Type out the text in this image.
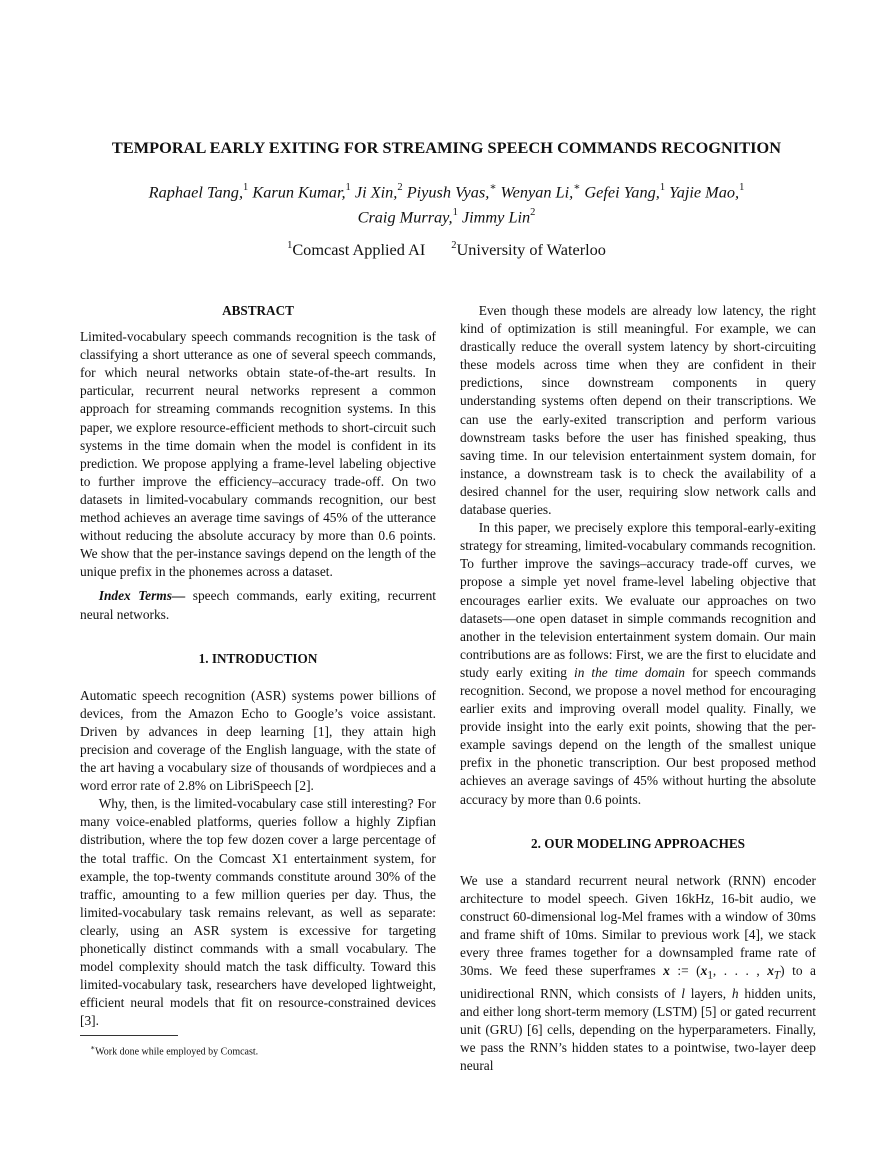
TEMPORAL EARLY EXITING FOR STREAMING SPEECH COMMANDS RECOGNITION
Raphael Tang,$^1$ Karun Kumar,$^1$ Ji Xin,$^2$ Piyush Vyas,∗ Wenyan Li,∗ Gefei Yang,$^1$ Yajie Mao,$^1$
Craig Murray,$^1$ Jimmy Lin$^2$
$^1$Comcast Applied AI $^2$University of Waterloo

ABSTRACT

Limited-vocabulary speech commands recognition is the task of classifying a short utterance as one of several speech commands, for which neural networks obtain state-of-the-art results. In particular, recurrent neural networks represent a common approach for streaming commands recognition systems. In this paper, we explore resource-efficient methods to short-circuit such systems in the time domain when the model is confident in its prediction. We propose applying a frame-level labeling objective to further improve the efficiency–accuracy trade-off. On two datasets in limited-vocabulary commands recognition, our best method achieves an average time savings of 45% of the utterance without reducing the absolute accuracy by more than 0.6 points. We show that the per-instance savings depend on the length of the unique prefix in the phonemes across a dataset.

Index Terms— speech commands, early exiting, recurrent neural networks.

1. INTRODUCTION

Automatic speech recognition (ASR) systems power billions of devices, from the Amazon Echo to Google’s voice assistant. Driven by advances in deep learning [1], they attain high precision and coverage of the English language, with the state of the art having a vocabulary size of thousands of wordpieces and a word error rate of 2.8% on LibriSpeech [2].

Why, then, is the limited-vocabulary case still interesting? For many voice-enabled platforms, queries follow a highly Zipfian distribution, where the top few dozen cover a large percentage of the total traffic. On the Comcast X1 entertainment system, for example, the top-twenty commands constitute around 30% of the traffic, amounting to a few million queries per day. Thus, the limited-vocabulary task remains relevant, as well as separate: clearly, using an ASR system is excessive for targeting phonetically distinct commands with a small vocabulary. The model complexity should match the task difficulty. Toward this limited-vocabulary task, researchers have developed lightweight, efficient neural models that fit on resource-constrained devices [3].

 ∗Work done while employed by Comcast.

Even though these models are already low latency, the right kind of optimization is still meaningful. For example, we can drastically reduce the overall system latency by short-circuiting these models across time when they are confident in their predictions, since downstream components in query understanding systems often depend on their transcriptions. We can use the early-exited transcription and perform various downstream tasks before the user has finished speaking, thus saving time. In our television entertainment system domain, for instance, a downstream task is to check the availability of a desired channel for the user, requiring slow network calls and database queries.

In this paper, we precisely explore this temporal-early-exiting strategy for streaming, limited-vocabulary commands recognition. To further improve the savings–accuracy trade-off curves, we propose a simple yet novel frame-level labeling objective that encourages earlier exits. We evaluate our approaches on two datasets—one open dataset in simple commands recognition and another in the television entertainment system domain. Our main contributions are as follows: First, we are the first to elucidate and study early exiting in the time domain for speech commands recognition. Second, we propose a novel method for encouraging earlier exits and improving overall model quality. Finally, we provide insight into the early exit points, showing that the per-example savings depend on the length of the smallest unique prefix in the phonetic transcription. Our best proposed method achieves an average savings of 45% without hurting the absolute accuracy by more than 0.6 points.

2. OUR MODELING APPROACHES

We use a standard recurrent neural network (RNN) encoder architecture to model speech. Given 16kHz, 16-bit audio, we construct 60-dimensional log-Mel frames with a window of 30ms and frame shift of 10ms. Similar to previous work [4], we stack every three frames together for a downsampled frame rate of 30ms. We feed these superframes x := ($x_1$, . . . , $x_T$) to a unidirectional RNN, which consists of l layers, h hidden units, and either long short-term memory (LSTM) [5] or gated recurrent unit (GRU) [6] cells, depending on the hyperparameters. Finally, we pass the RNN’s hidden states to a pointwise, two-layer deep neural
